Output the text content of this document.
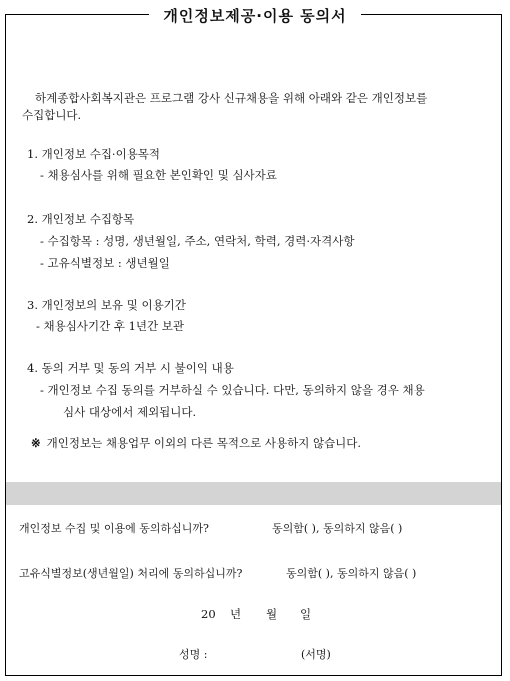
개인정보제공·이용 동의서
하계종합사회복지관은 프로그램 강사 신규채용을 위해 아래와 같은 개인정보를
수집합니다.
1. 개인정보 수집·이용목적
- 채용심사를 위해 필요한 본인확인 및 심사자료
2. 개인정보 수집항목
- 수집항목 : 성명, 생년월일, 주소, 연락처, 학력, 경력·자격사항
- 고유식별정보 : 생년월일
3. 개인정보의 보유 및 이용기간
- 채용심사기간 후 1년간 보관
4. 동의 거부 및 동의 거부 시 불이익 내용
- 개인정보 수집 동의를 거부하실 수 있습니다. 다만, 동의하지 않을 경우 채용
심사 대상에서 제외됩니다.
※ 개인정보는 채용업무 이외의 다른 목적으로 사용하지 않습니다.
개인정보 수집 및 이용에 동의하십니까?	동의함( ), 동의하지 않음( )
고유식별정보(생년월일) 처리에 동의하십니까?	동의함( ), 동의하지 않음( )
20 년 월 일
성명 :	(서명)
